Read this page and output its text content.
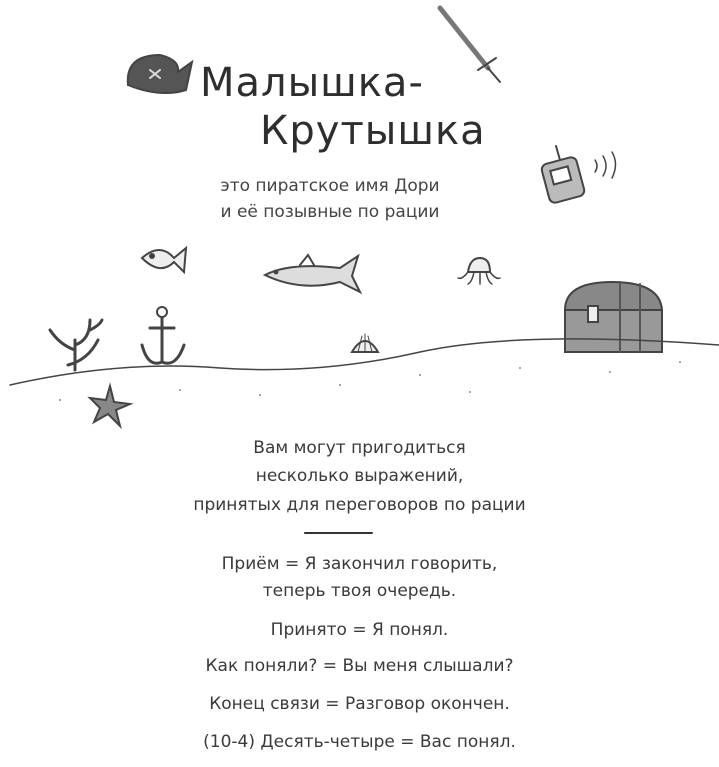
Малышка-
Крутышка
это пиратское имя Дори
и её позывные по рации
Вам могут пригодиться
несколько выражений,
принятых для переговоров по рации
Приём = Я закончил говорить,
теперь твоя очередь.
Принято = Я понял.
Как поняли? = Вы меня слышали?
Конец связи = Разговор окончен.
(10-4) Десять-четыре = Вас понял.
